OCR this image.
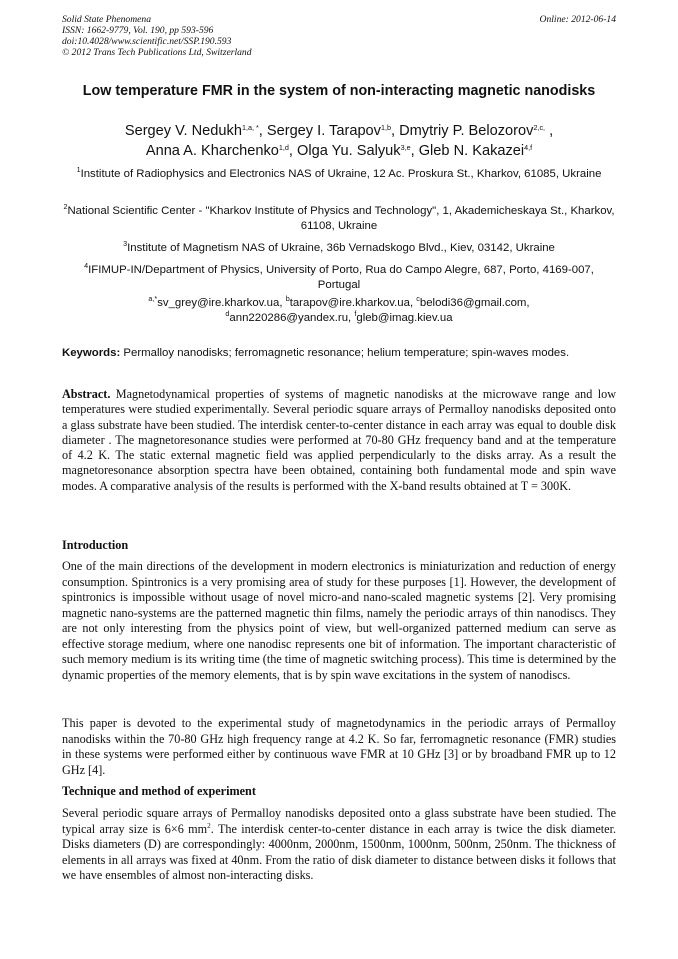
Solid State Phenomena
ISSN: 1662-9779, Vol. 190, pp 593-596
doi:10.4028/www.scientific.net/SSP.190.593
© 2012 Trans Tech Publications Ltd, Switzerland
Online: 2012-06-14
Low temperature FMR in the system of non-interacting magnetic nanodisks
Sergey V. Nedukh$^{1,a, *}$, Sergey I. Tarapov$^{1,b}$, Dmytriy P. Belozorov$^{2,c,}$ ,
Anna A. Kharchenko$^{1,d}$, Olga Yu. Salyuk$^{3,e}$, Gleb N. Kakazei$^{4,f}$
$^1$Institute of Radiophysics and Electronics NAS of Ukraine, 12 Ac. Proskura St., Kharkov, 61085, Ukraine
$^2$National Scientific Center - "Kharkov Institute of Physics and Technology", 1, Akademicheskaya St., Kharkov, 61108, Ukraine
$^3$Institute of Magnetism NAS of Ukraine, 36b Vernadskogo Blvd., Kiev, 03142, Ukraine
$^4$IFIMUP-IN/Department of Physics, University of Porto, Rua do Campo Alegre, 687, Porto, 4169-007, Portugal
$^{a,*}$sv_grey@ire.kharkov.ua, $^b$tarapov@ire.kharkov.ua, $^c$belodi36@gmail.com,
$^d$ann220286@yandex.ru, $^f$gleb@imag.kiev.ua
Keywords: Permalloy nanodisks; ferromagnetic resonance; helium temperature; spin-waves modes.
Abstract. Magnetodynamical properties of systems of magnetic nanodisks at the microwave range and low temperatures were studied experimentally. Several periodic square arrays of Permalloy nanodisks deposited onto a glass substrate have been studied. The interdisk center-to-center distance in each array was equal to double disk diameter . The magnetoresonance studies were performed at 70-80 GHz frequency band and at the temperature of 4.2 K. The static external magnetic field was applied perpendicularly to the disks array. As a result the magnetoresonance absorption spectra have been obtained, containing both fundamental mode and spin wave modes. A comparative analysis of the results is performed with the X-band results obtained at T = 300K.
Introduction
One of the main directions of the development in modern electronics is miniaturization and reduction of energy consumption. Spintronics is a very promising area of study for these purposes [1]. However, the development of spintronics is impossible without usage of novel micro-and nano-scaled magnetic systems [2]. Very promising magnetic nano-systems are the patterned magnetic thin films, namely the periodic arrays of thin nanodiscs. They are not only interesting from the physics point of view, but well-organized patterned medium can serve as effective storage medium, where one nanodisc represents one bit of information. The important characteristic of such memory medium is its writing time (the time of magnetic switching process). This time is determined by the dynamic properties of the memory elements, that is by spin wave excitations in the system of nanodiscs.
This paper is devoted to the experimental study of magnetodynamics in the periodic arrays of Permalloy nanodisks within the 70-80 GHz high frequency range at 4.2 K. So far, ferromagnetic resonance (FMR) studies in these systems were performed either by continuous wave FMR at 10 GHz [3] or by broadband FMR up to 12 GHz [4].
Technique and method of experiment
Several periodic square arrays of Permalloy nanodisks deposited onto a glass substrate have been studied. The typical array size is 6×6 $mm^2$. The interdisk center-to-center distance in each array is twice the disk diameter. Disks diameters (D) are correspondingly: 4000nm, 2000nm, 1500nm, 1000nm, 500nm, 250nm. The thickness of elements in all arrays was fixed at 40nm. From the ratio of disk diameter to distance between disks it follows that we have ensembles of almost non-interacting disks.
